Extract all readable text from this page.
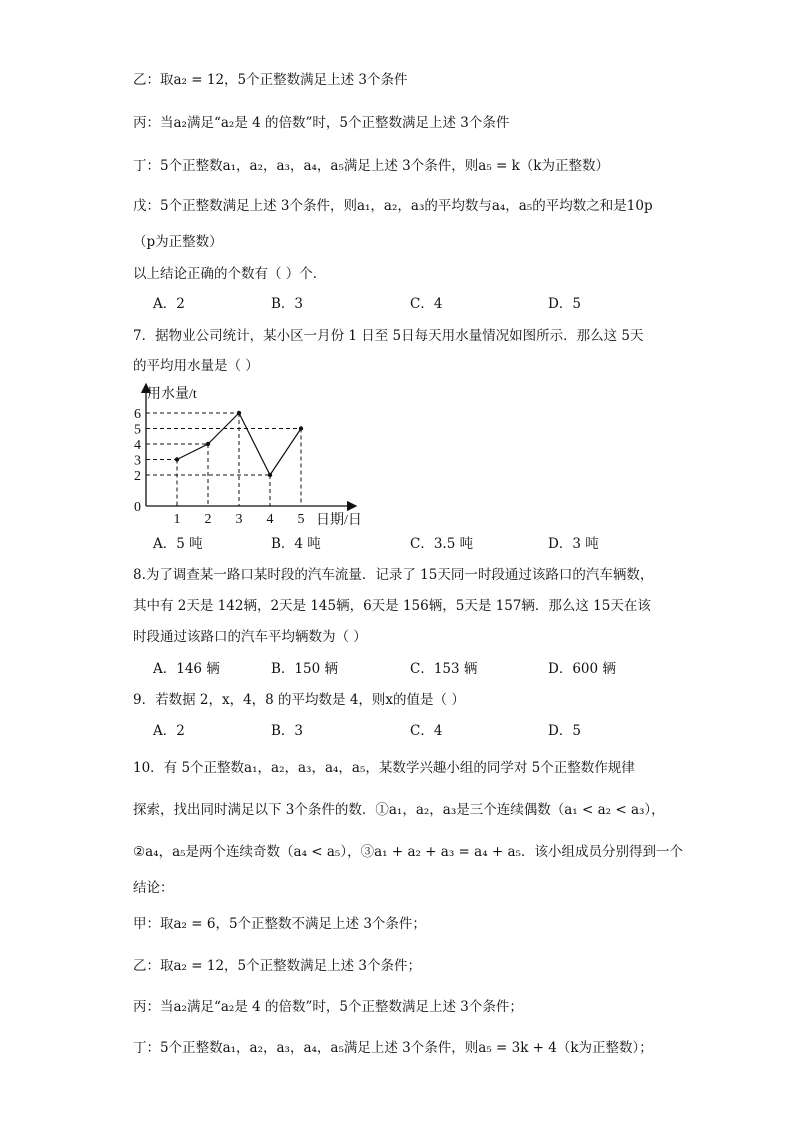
乙：取a₂ = 12，5个正整数满足上述 3个条件
丙：当a₂满足“a₂是 4 的倍数”时，5个正整数满足上述 3个条件
丁：5个正整数a₁，a₂，a₃，a₄，a₅满足上述 3个条件，则a₅ = k（k为正整数）
戊：5个正整数满足上述 3个条件，则a₁，a₂，a₃的平均数与a₄，a₅的平均数之和是10p
（p为正整数）
以上结论正确的个数有（ ）个．
A．2	B．3	C．4	D．5
7．据物业公司统计，某小区一月份 1 日至 5日每天用水量情况如图所示．那么这 5天
的平均用水量是（ ）
0
2
3
4
5
6
1 2 3 4 5
用水量/t
日期/日
A．5 吨	B．4 吨	C．3.5 吨	D．3 吨
8.为了调查某一路口某时段的汽车流量．记录了 15天同一时段通过该路口的汽车辆数，
其中有 2天是 142辆，2天是 145辆，6天是 156辆，5天是 157辆．那么这 15天在该
时段通过该路口的汽车平均辆数为（ ）
A．146 辆	B．150 辆	C．153 辆	D．600 辆
9．若数据 2，x，4，8 的平均数是 4，则x的值是（ ）
A．2	B．3	C．4	D．5
10．有 5个正整数a₁，a₂，a₃，a₄，a₅，某数学兴趣小组的同学对 5个正整数作规律
探索，找出同时满足以下 3个条件的数．①a₁，a₂，a₃是三个连续偶数（a₁ < a₂ < a₃），
②a₄，a₅是两个连续奇数（a₄ < a₅），③a₁ + a₂ + a₃ = a₄ + a₅．该小组成员分别得到一个
结论：
甲：取a₂ = 6，5个正整数不满足上述 3个条件；
乙：取a₂ = 12，5个正整数满足上述 3个条件；
丙：当a₂满足“a₂是 4 的倍数”时，5个正整数满足上述 3个条件；
丁：5个正整数a₁，a₂，a₃，a₄，a₅满足上述 3个条件，则a₅ = 3k + 4（k为正整数）；
